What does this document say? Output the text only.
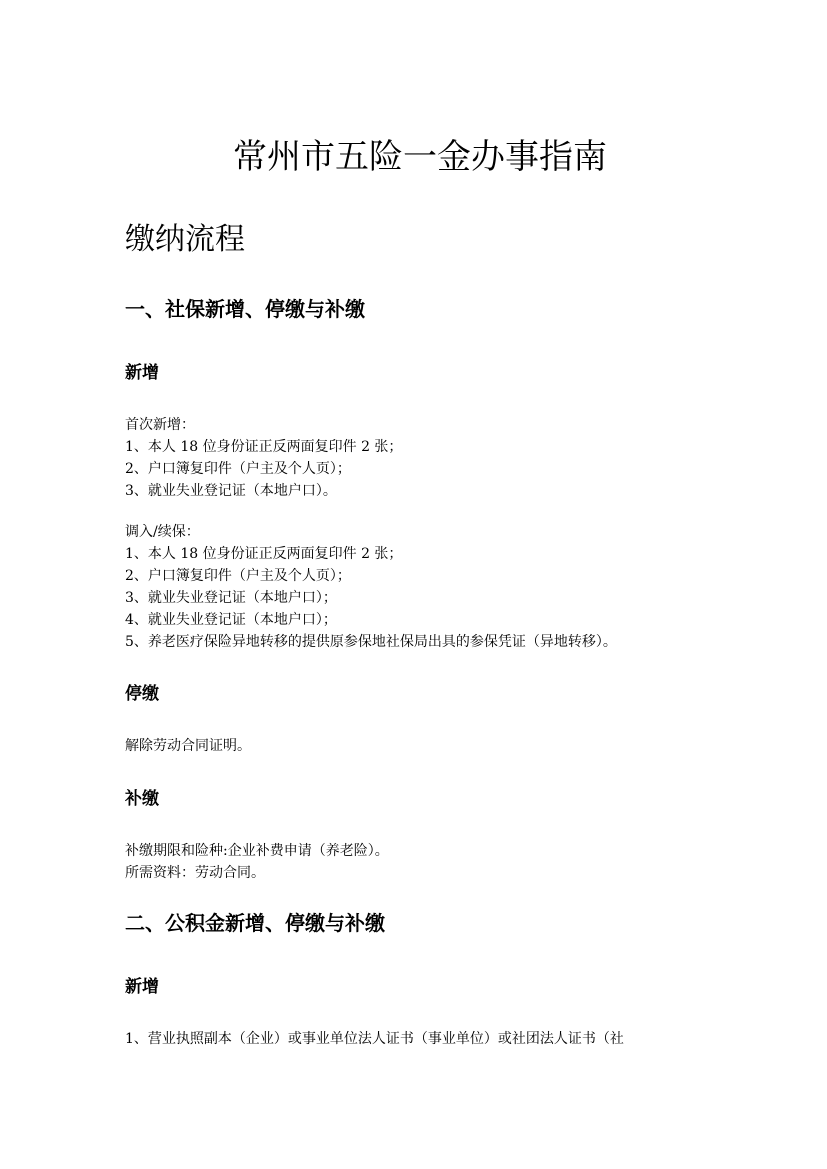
常州市五险一金办事指南
缴纳流程
一、社保新增、停缴与补缴
新增
首次新增：
1、本人 18 位身份证正反两面复印件 2 张；
2、户口簿复印件（户主及个人页）；
3、就业失业登记证（本地户口）。
调入/续保：
1、本人 18 位身份证正反两面复印件 2 张；
2、户口簿复印件（户主及个人页）；
3、就业失业登记证（本地户口）；
4、就业失业登记证（本地户口）；
5、养老医疗保险异地转移的提供原参保地社保局出具的参保凭证（异地转移）。
停缴
解除劳动合同证明。
补缴
补缴期限和险种:企业补费申请（养老险）。
所需资料：劳动合同。
二、公积金新增、停缴与补缴
新增
1、营业执照副本（企业）或事业单位法人证书（事业单位）或社团法人证书（社
